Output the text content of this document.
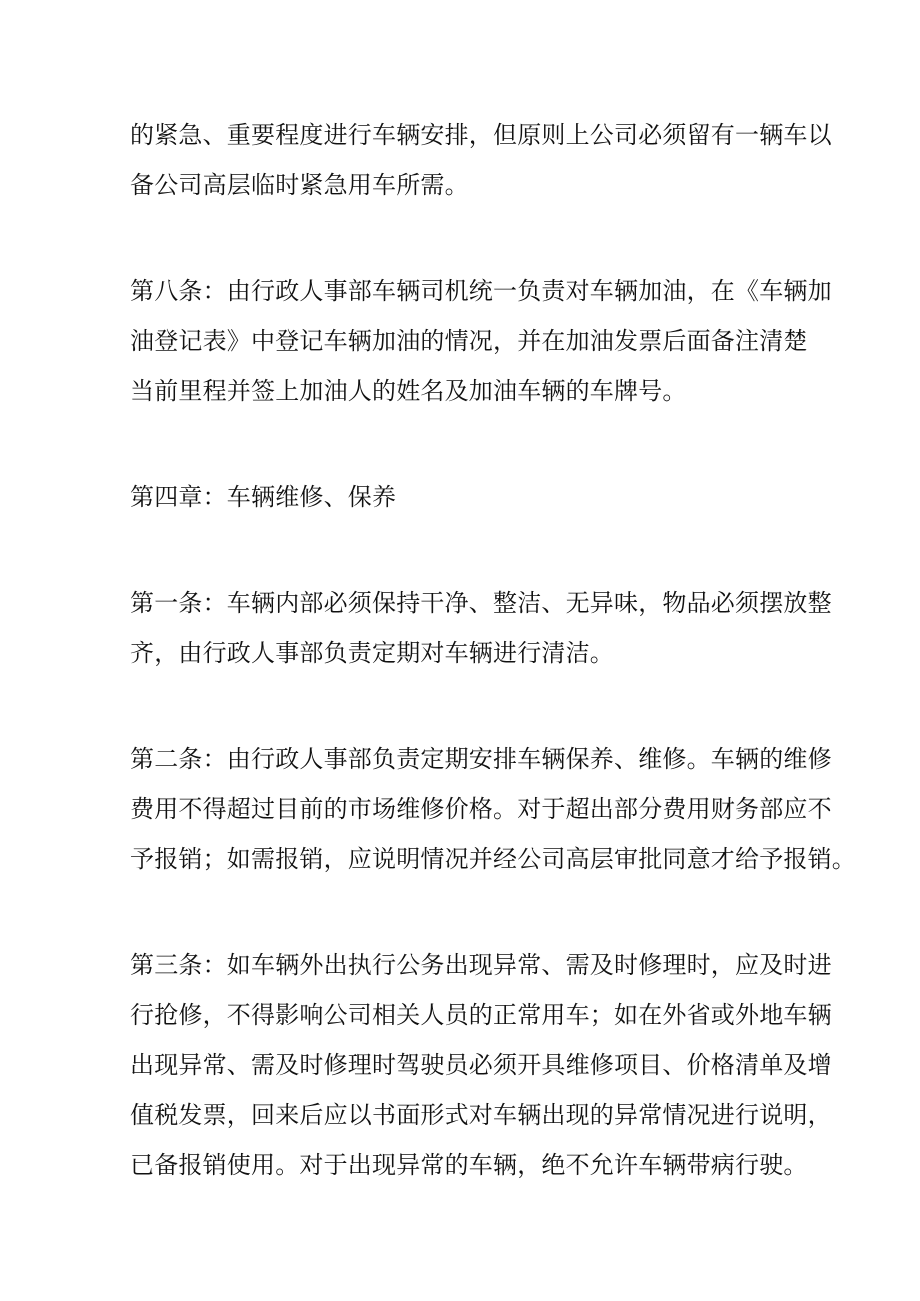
的紧急、重要程度进行车辆安排，但原则上公司必须留有一辆车以
备公司高层临时紧急用车所需。

第八条：由行政人事部车辆司机统一负责对车辆加油，在《车辆加
油登记表》中登记车辆加油的情况，并在加油发票后面备注清楚
当前里程并签上加油人的姓名及加油车辆的车牌号。

第四章：车辆维修、保养

第一条：车辆内部必须保持干净、整洁、无异味，物品必须摆放整
齐，由行政人事部负责定期对车辆进行清洁。

第二条：由行政人事部负责定期安排车辆保养、维修。车辆的维修
费用不得超过目前的市场维修价格。对于超出部分费用财务部应不
予报销；如需报销，应说明情况并经公司高层审批同意才给予报销。

第三条：如车辆外出执行公务出现异常、需及时修理时，应及时进
行抢修，不得影响公司相关人员的正常用车；如在外省或外地车辆
出现异常、需及时修理时驾驶员必须开具维修项目、价格清单及增
值税发票，回来后应以书面形式对车辆出现的异常情况进行说明，
已备报销使用。对于出现异常的车辆，绝不允许车辆带病行驶。
